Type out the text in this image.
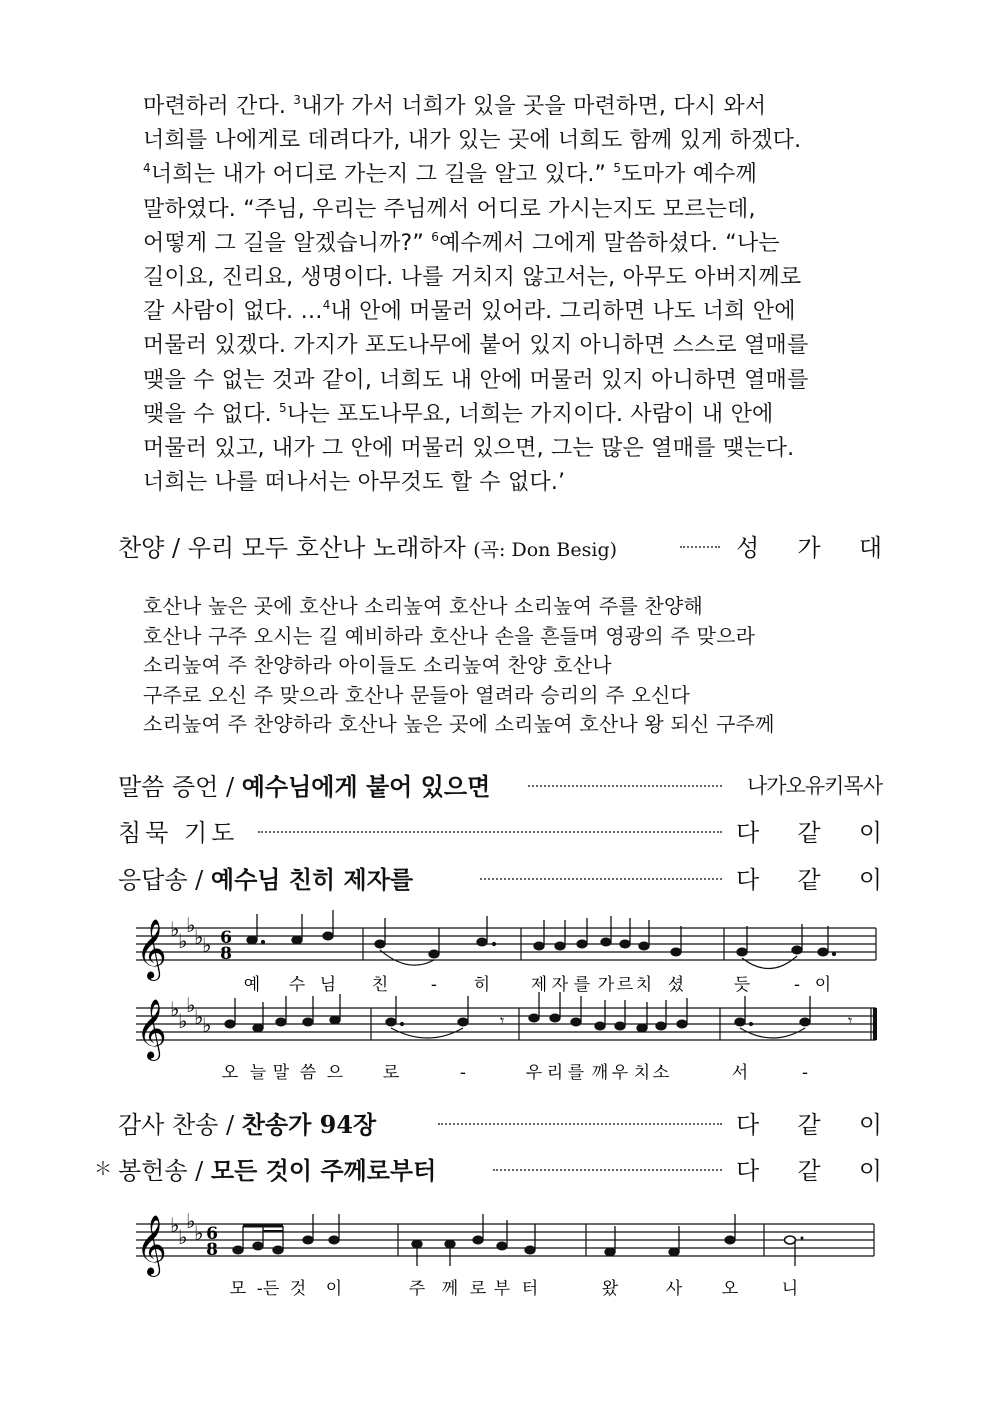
마련하러 간다. $^3$내가 가서 너희가 있을 곳을 마련하면, 다시 와서
너희를 나에게로 데려다가, 내가 있는 곳에 너희도 함께 있게 하겠다.
$^4$너희는 내가 어디로 가는지 그 길을 알고 있다.” $^5$도마가 예수께
말하였다. “주님, 우리는 주님께서 어디로 가시는지도 모르는데,
어떻게 그 길을 알겠습니까?” $^6$예수께서 그에게 말씀하셨다. “나는
길이요, 진리요, 생명이다. 나를 거치지 않고서는, 아무도 아버지께로
갈 사람이 없다. …$^4$내 안에 머물러 있어라. 그리하면 나도 너희 안에
머물러 있겠다. 가지가 포도나무에 붙어 있지 아니하면 스스로 열매를
맺을 수 없는 것과 같이, 너희도 내 안에 머물러 있지 아니하면 열매를
맺을 수 없다. $^5$나는 포도나무요, 너희는 가지이다. 사람이 내 안에
머물러 있고, 내가 그 안에 머물러 있으면, 그는 많은 열매를 맺는다.
너희는 나를 떠나서는 아무것도 할 수 없다.’
찬양 / 우리 모두 호산나 노래하자 (곡: Don Besig)	성 가 대
호산나 높은 곳에 호산나 소리높여 호산나 소리높여 주를 찬양해
호산나 구주 오시는 길 예비하라 호산나 손을 흔들며 영광의 주 맞으라
소리높여 주 찬양하라 아이들도 소리높여 찬양 호산나
구주로 오신 주 맞으라 호산나 문들아 열려라 승리의 주 오신다
소리높여 주 찬양하라 호산나 높은 곳에 소리높여 호산나 왕 되신 구주께
말씀 증언 / 예수님에게 붙어 있으면	나가오유키목사
침묵 기도	다 같 이
응답송 / 예수님 친히 제자를	다 같 이
𝄞
𝄞
♭
♭
♭
♭
♭
♭
♭
♭
♭
♭
6
8
𝄾	𝄾
예 수 님 친	- 히 제 자 를 가 르 치 셨	듯	- 이
오 늘 말 씀 으 로	-	우 리 를 깨 우 치 소	서	-
감사 찬송 / 찬송가 94장	다 같 이
＊ 봉헌송 / 모든 것이 주께로부터	다 같 이
𝄞 ♭
♭
♭
♭ 6
8
모 -든 것 이	주 께 로 부 터	왔	사 오	니
